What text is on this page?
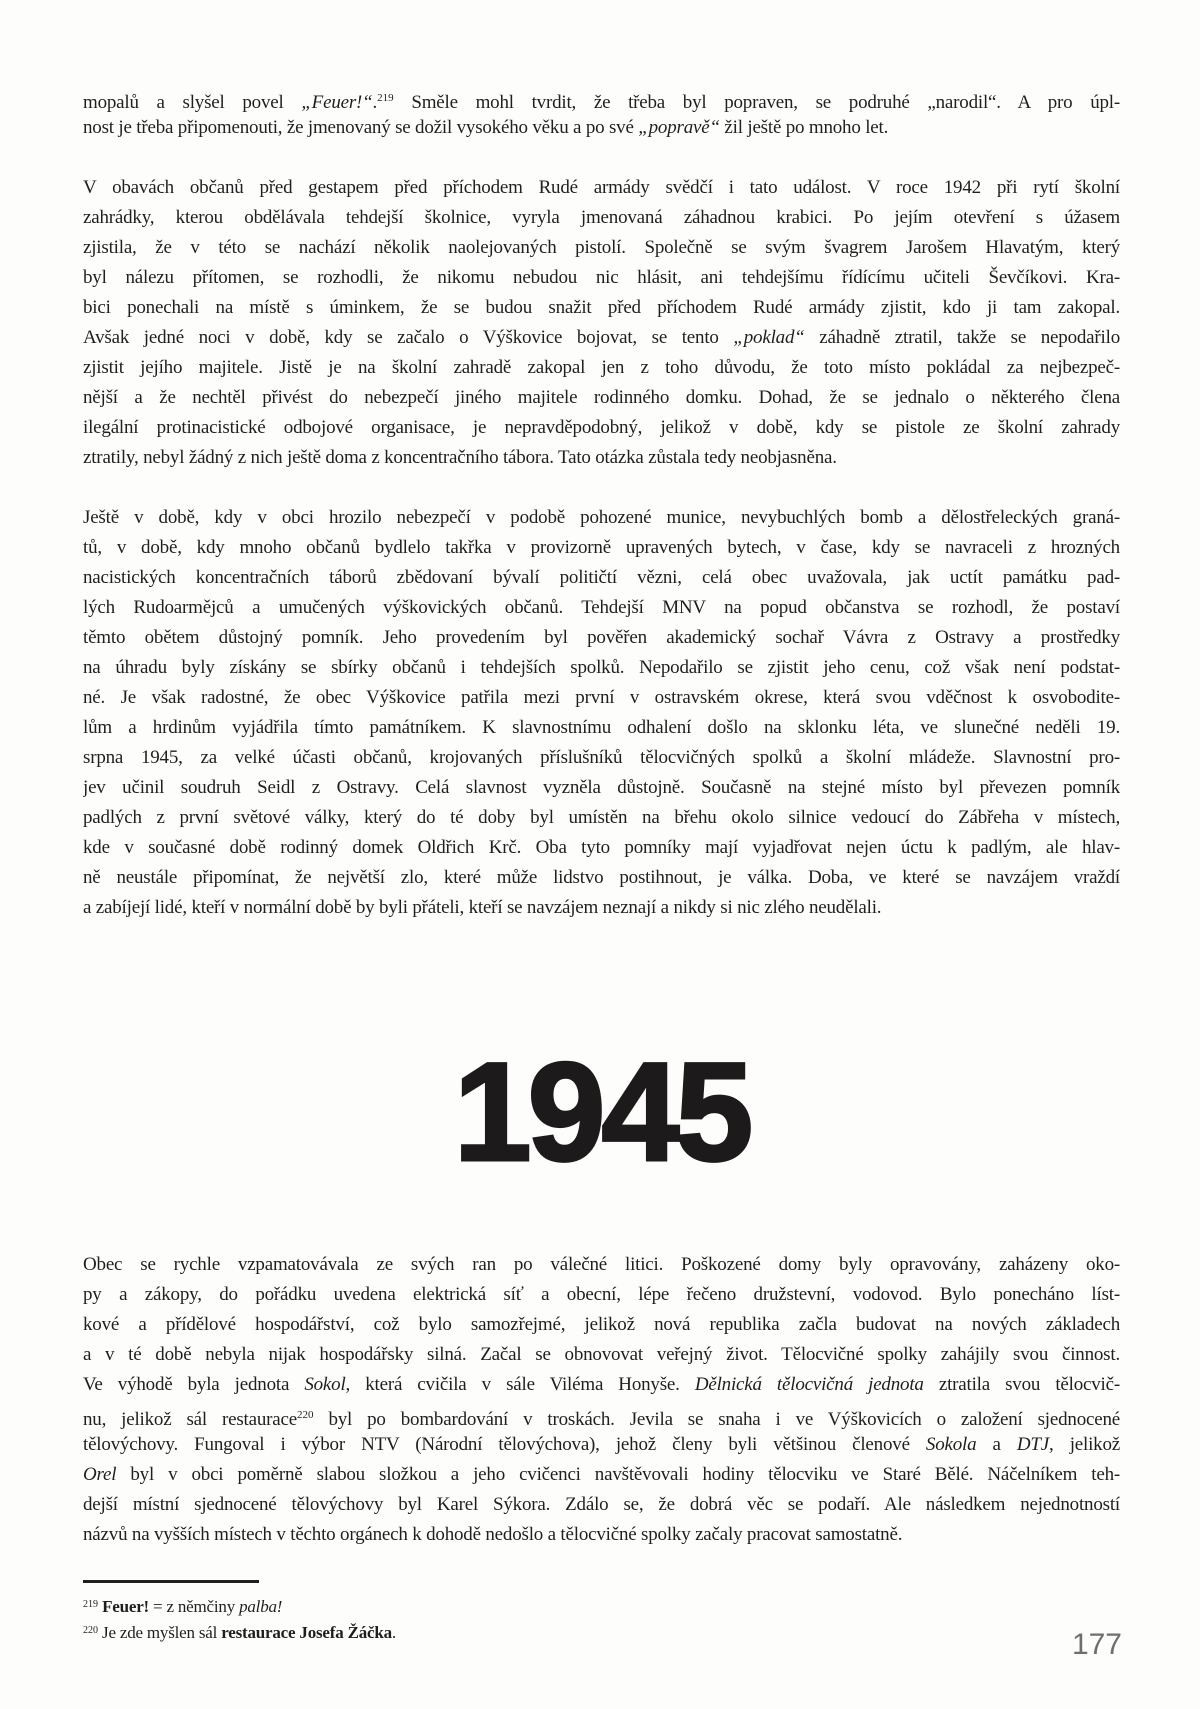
mopalů a slyšel povel „Feuer!“.$^{219}$ Směle mohl tvrdit, že třeba byl popraven, se podruhé „narodil“. A pro úpl-
nost je třeba připomenouti, že jmenovaný se dožil vysokého věku a po své „popravě“ žil ještě po mnoho let.
V obavách občanů před gestapem před příchodem Rudé armády svědčí i tato událost. V roce 1942 při rytí školní
zahrádky, kterou obdělávala tehdejší školnice, vyryla jmenovaná záhadnou krabici. Po jejím otevření s úžasem
zjistila, že v této se nachází několik naolejovaných pistolí. Společně se svým švagrem Jarošem Hlavatým, který
byl nálezu přítomen, se rozhodli, že nikomu nebudou nic hlásit, ani tehdejšímu řídícímu učiteli Ševčíkovi. Kra-
bici ponechali na místě s úminkem, že se budou snažit před příchodem Rudé armády zjistit, kdo ji tam zakopal.
Avšak jedné noci v době, kdy se začalo o Výškovice bojovat, se tento „poklad“ záhadně ztratil, takže se nepodařilo
zjistit jejího majitele. Jistě je na školní zahradě zakopal jen z toho důvodu, že toto místo pokládal za nejbezpeč-
nější a že nechtěl přivést do nebezpečí jiného majitele rodinného domku. Dohad, že se jednalo o některého člena
ilegální protinacistické odbojové organisace, je nepravděpodobný, jelikož v době, kdy se pistole ze školní zahrady
ztratily, nebyl žádný z nich ještě doma z koncentračního tábora. Tato otázka zůstala tedy neobjasněna.
Ještě v době, kdy v obci hrozilo nebezpečí v podobě pohozené munice, nevybuchlých bomb a dělostřeleckých graná-
tů, v době, kdy mnoho občanů bydlelo takřka v provizorně upravených bytech, v čase, kdy se navraceli z hrozných
nacistických koncentračních táborů zbědovaní bývalí političtí vězni, celá obec uvažovala, jak uctít památku pad-
lých Rudoarmějců a umučených výškovických občanů. Tehdejší MNV na popud občanstva se rozhodl, že postaví
těmto obětem důstojný pomník. Jeho provedením byl pověřen akademický sochař Vávra z Ostravy a prostředky
na úhradu byly získány se sbírky občanů i tehdejších spolků. Nepodařilo se zjistit jeho cenu, což však není podstat-
né. Je však radostné, že obec Výškovice patřila mezi první v ostravském okrese, která svou vděčnost k osvobodite-
lům a hrdinům vyjádřila tímto památníkem. K slavnostnímu odhalení došlo na sklonku léta, ve slunečné neděli 19.
srpna 1945, za velké účasti občanů, krojovaných příslušníků tělocvičných spolků a školní mládeže. Slavnostní pro-
jev učinil soudruh Seidl z Ostravy. Celá slavnost vyzněla důstojně. Současně na stejné místo byl převezen pomník
padlých z první světové války, který do té doby byl umístěn na břehu okolo silnice vedoucí do Zábřeha v místech,
kde v současné době rodinný domek Oldřich Krč. Oba tyto pomníky mají vyjadřovat nejen úctu k padlým, ale hlav-
ně neustále připomínat, že největší zlo, které může lidstvo postihnout, je válka. Doba, ve které se navzájem vraždí
a zabíjejí lidé, kteří v normální době by byli přáteli, kteří se navzájem neznají a nikdy si nic zlého neudělali.
1945
Obec se rychle vzpamatovávala ze svých ran po válečné litici. Poškozené domy byly opravovány, zaházeny oko-
py a zákopy, do pořádku uvedena elektrická síť a obecní, lépe řečeno družstevní, vodovod. Bylo ponecháno líst-
kové a přídělové hospodářství, což bylo samozřejmé, jelikož nová republika začla budovat na nových základech
a v té době nebyla nijak hospodářsky silná. Začal se obnovovat veřejný život. Tělocvičné spolky zahájily svou činnost.
Ve výhodě byla jednota Sokol, která cvičila v sále Viléma Honyše. Dělnická tělocvičná jednota ztratila svou tělocvič-
nu, jelikož sál restaurace$^{220}$ byl po bombardování v troskách. Jevila se snaha i ve Výškovicích o založení sjednocené
tělovýchovy. Fungoval i výbor NTV (Národní tělovýchova), jehož členy byli většinou členové Sokola a DTJ, jelikož
Orel byl v obci poměrně slabou složkou a jeho cvičenci navštěvovali hodiny tělocviku ve Staré Bělé. Náčelníkem teh-
dejší místní sjednocené tělovýchovy byl Karel Sýkora. Zdálo se, že dobrá věc se podaří. Ale následkem nejednotností
názvů na vyšších místech v těchto orgánech k dohodě nedošlo a tělocvičné spolky začaly pracovat samostatně.
$^{219}$ Feuer! = z němčiny palba!
$^{220}$ Je zde myšlen sál restaurace Josefa Žáčka.	177
